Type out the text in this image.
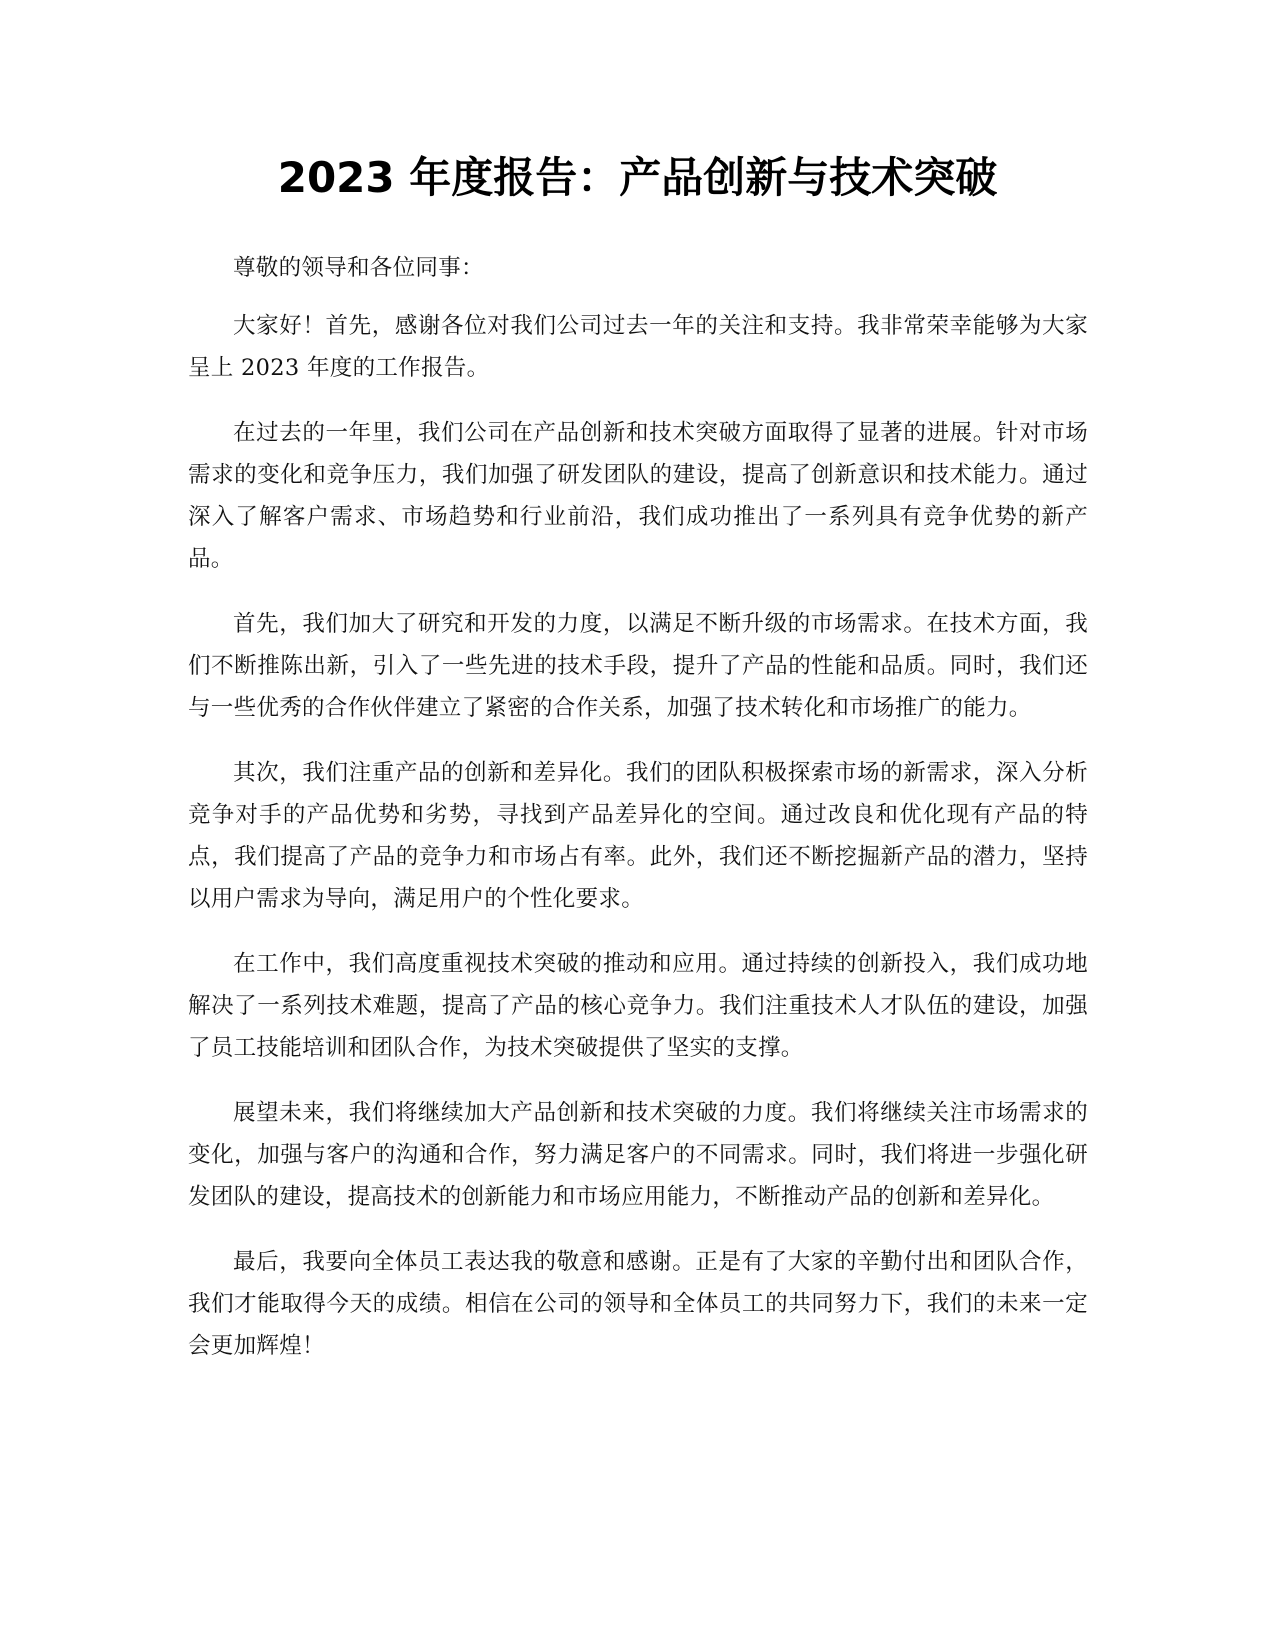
2023 年度报告：产品创新与技术突破

尊敬的领导和各位同事：

大家好！首先，感谢各位对我们公司过去一年的关注和支持。我非常荣幸能够为大家呈上 2023 年度的工作报告。

在过去的一年里，我们公司在产品创新和技术突破方面取得了显著的进展。针对市场需求的变化和竞争压力，我们加强了研发团队的建设，提高了创新意识和技术能力。通过深入了解客户需求、市场趋势和行业前沿，我们成功推出了一系列具有竞争优势的新产品。

首先，我们加大了研究和开发的力度，以满足不断升级的市场需求。在技术方面，我们不断推陈出新，引入了一些先进的技术手段，提升了产品的性能和品质。同时，我们还与一些优秀的合作伙伴建立了紧密的合作关系，加强了技术转化和市场推广的能力。

其次，我们注重产品的创新和差异化。我们的团队积极探索市场的新需求，深入分析竞争对手的产品优势和劣势，寻找到产品差异化的空间。通过改良和优化现有产品的特点，我们提高了产品的竞争力和市场占有率。此外，我们还不断挖掘新产品的潜力，坚持以用户需求为导向，满足用户的个性化要求。

在工作中，我们高度重视技术突破的推动和应用。通过持续的创新投入，我们成功地解决了一系列技术难题，提高了产品的核心竞争力。我们注重技术人才队伍的建设，加强了员工技能培训和团队合作，为技术突破提供了坚实的支撑。

展望未来，我们将继续加大产品创新和技术突破的力度。我们将继续关注市场需求的变化，加强与客户的沟通和合作，努力满足客户的不同需求。同时，我们将进一步强化研发团队的建设，提高技术的创新能力和市场应用能力，不断推动产品的创新和差异化。

最后，我要向全体员工表达我的敬意和感谢。正是有了大家的辛勤付出和团队合作，我们才能取得今天的成绩。相信在公司的领导和全体员工的共同努力下，我们的未来一定会更加辉煌！
